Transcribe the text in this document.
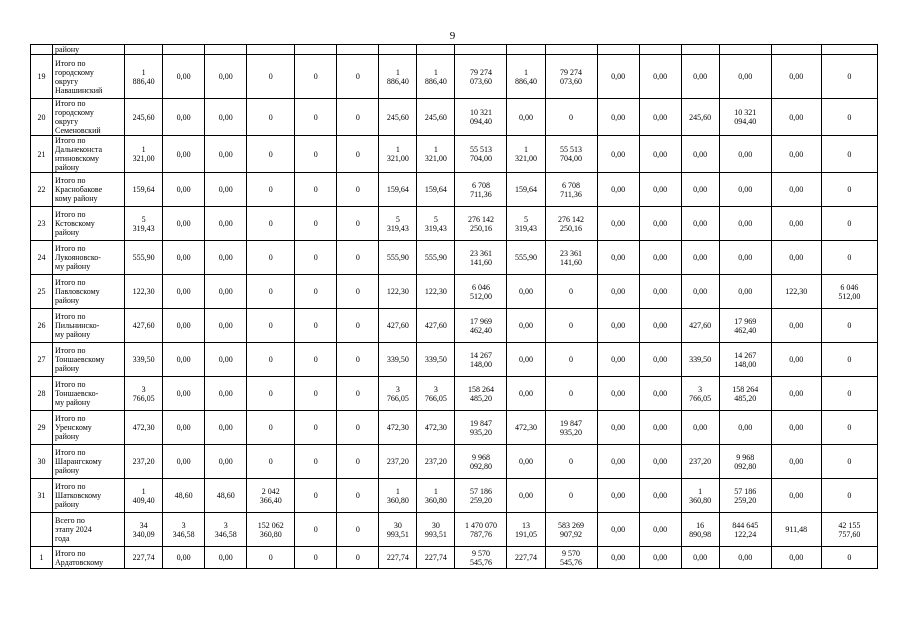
9
	району																	
19	Итого по
городскому
округу
Навашинский	1
886,40	0,00	0,00	0	0	0	1
886,40	1
886,40	79 274
073,60	1
886,40	79 274
073,60	0,00	0,00	0,00	0,00	0,00	0
20	Итого по
городскому
округу
Семеновский	245,60	0,00	0,00	0	0	0	245,60	245,60	10 321
094,40	0,00	0	0,00	0,00	245,60	10 321
094,40	0,00	0
21	Итого по
Дальнеконста
нтиновскому
району	1
321,00	0,00	0,00	0	0	0	1
321,00	1
321,00	55 513
704,00	1
321,00	55 513
704,00	0,00	0,00	0,00	0,00	0,00	0
22	Итого по
Краснобакове
кому району	159,64	0,00	0,00	0	0	0	159,64	159,64	6 708
711,36	159,64	6 708
711,36	0,00	0,00	0,00	0,00	0,00	0
23	Итого по
Кстовскому
району	5
319,43	0,00	0,00	0	0	0	5
319,43	5
319,43	276 142
250,16	5
319,43	276 142
250,16	0,00	0,00	0,00	0,00	0,00	0
24	Итого по
Лукояновско-
му району	555,90	0,00	0,00	0	0	0	555,90	555,90	23 361
141,60	555,90	23 361
141,60	0,00	0,00	0,00	0,00	0,00	0
25	Итого по
Павловскому
району	122,30	0,00	0,00	0	0	0	122,30	122,30	6 046
512,00	0,00	0	0,00	0,00	0,00	0,00	122,30	6 046
512,00
26	Итого по
Пильнинско-
му району	427,60	0,00	0,00	0	0	0	427,60	427,60	17 969
462,40	0,00	0	0,00	0,00	427,60	17 969
462,40	0,00	0
27	Итого по
Тоншаевскому
району	339,50	0,00	0,00	0	0	0	339,50	339,50	14 267
148,00	0,00	0	0,00	0,00	339,50	14 267
148,00	0,00	0
28	Итого по
Тоншаевско-
му району	3
766,05	0,00	0,00	0	0	0	3
766,05	3
766,05	158 264
485,20	0,00	0	0,00	0,00	3
766,05	158 264
485,20	0,00	0
29	Итого по
Уренскому
району	472,30	0,00	0,00	0	0	0	472,30	472,30	19 847
935,20	472,30	19 847
935,20	0,00	0,00	0,00	0,00	0,00	0
30	Итого по
Шарангскому
району	237,20	0,00	0,00	0	0	0	237,20	237,20	9 968
092,80	0,00	0	0,00	0,00	237,20	9 968
092,80	0,00	0
31	Итого по
Шатковскому
району	1
409,40	48,60	48,60	2 042
366,40	0	0	1
360,80	1
360,80	57 186
259,20	0,00	0	0,00	0,00	1
360,80	57 186
259,20	0,00	0
	Всего по
этапу 2024
года	34
340,09	3
346,58	3
346,58	152 062
360,80	0	0	30
993,51	30
993,51	1 470 070
787,76	13
191,05	583 269
907,92	0,00	0,00	16
890,98	844 645
122,24	911,48	42 155
757,60
1	Итого по
Ардатовскому	227,74	0,00	0,00	0	0	0	227,74	227,74	9 570
545,76	227,74	9 570
545,76	0,00	0,00	0,00	0,00	0,00	0
